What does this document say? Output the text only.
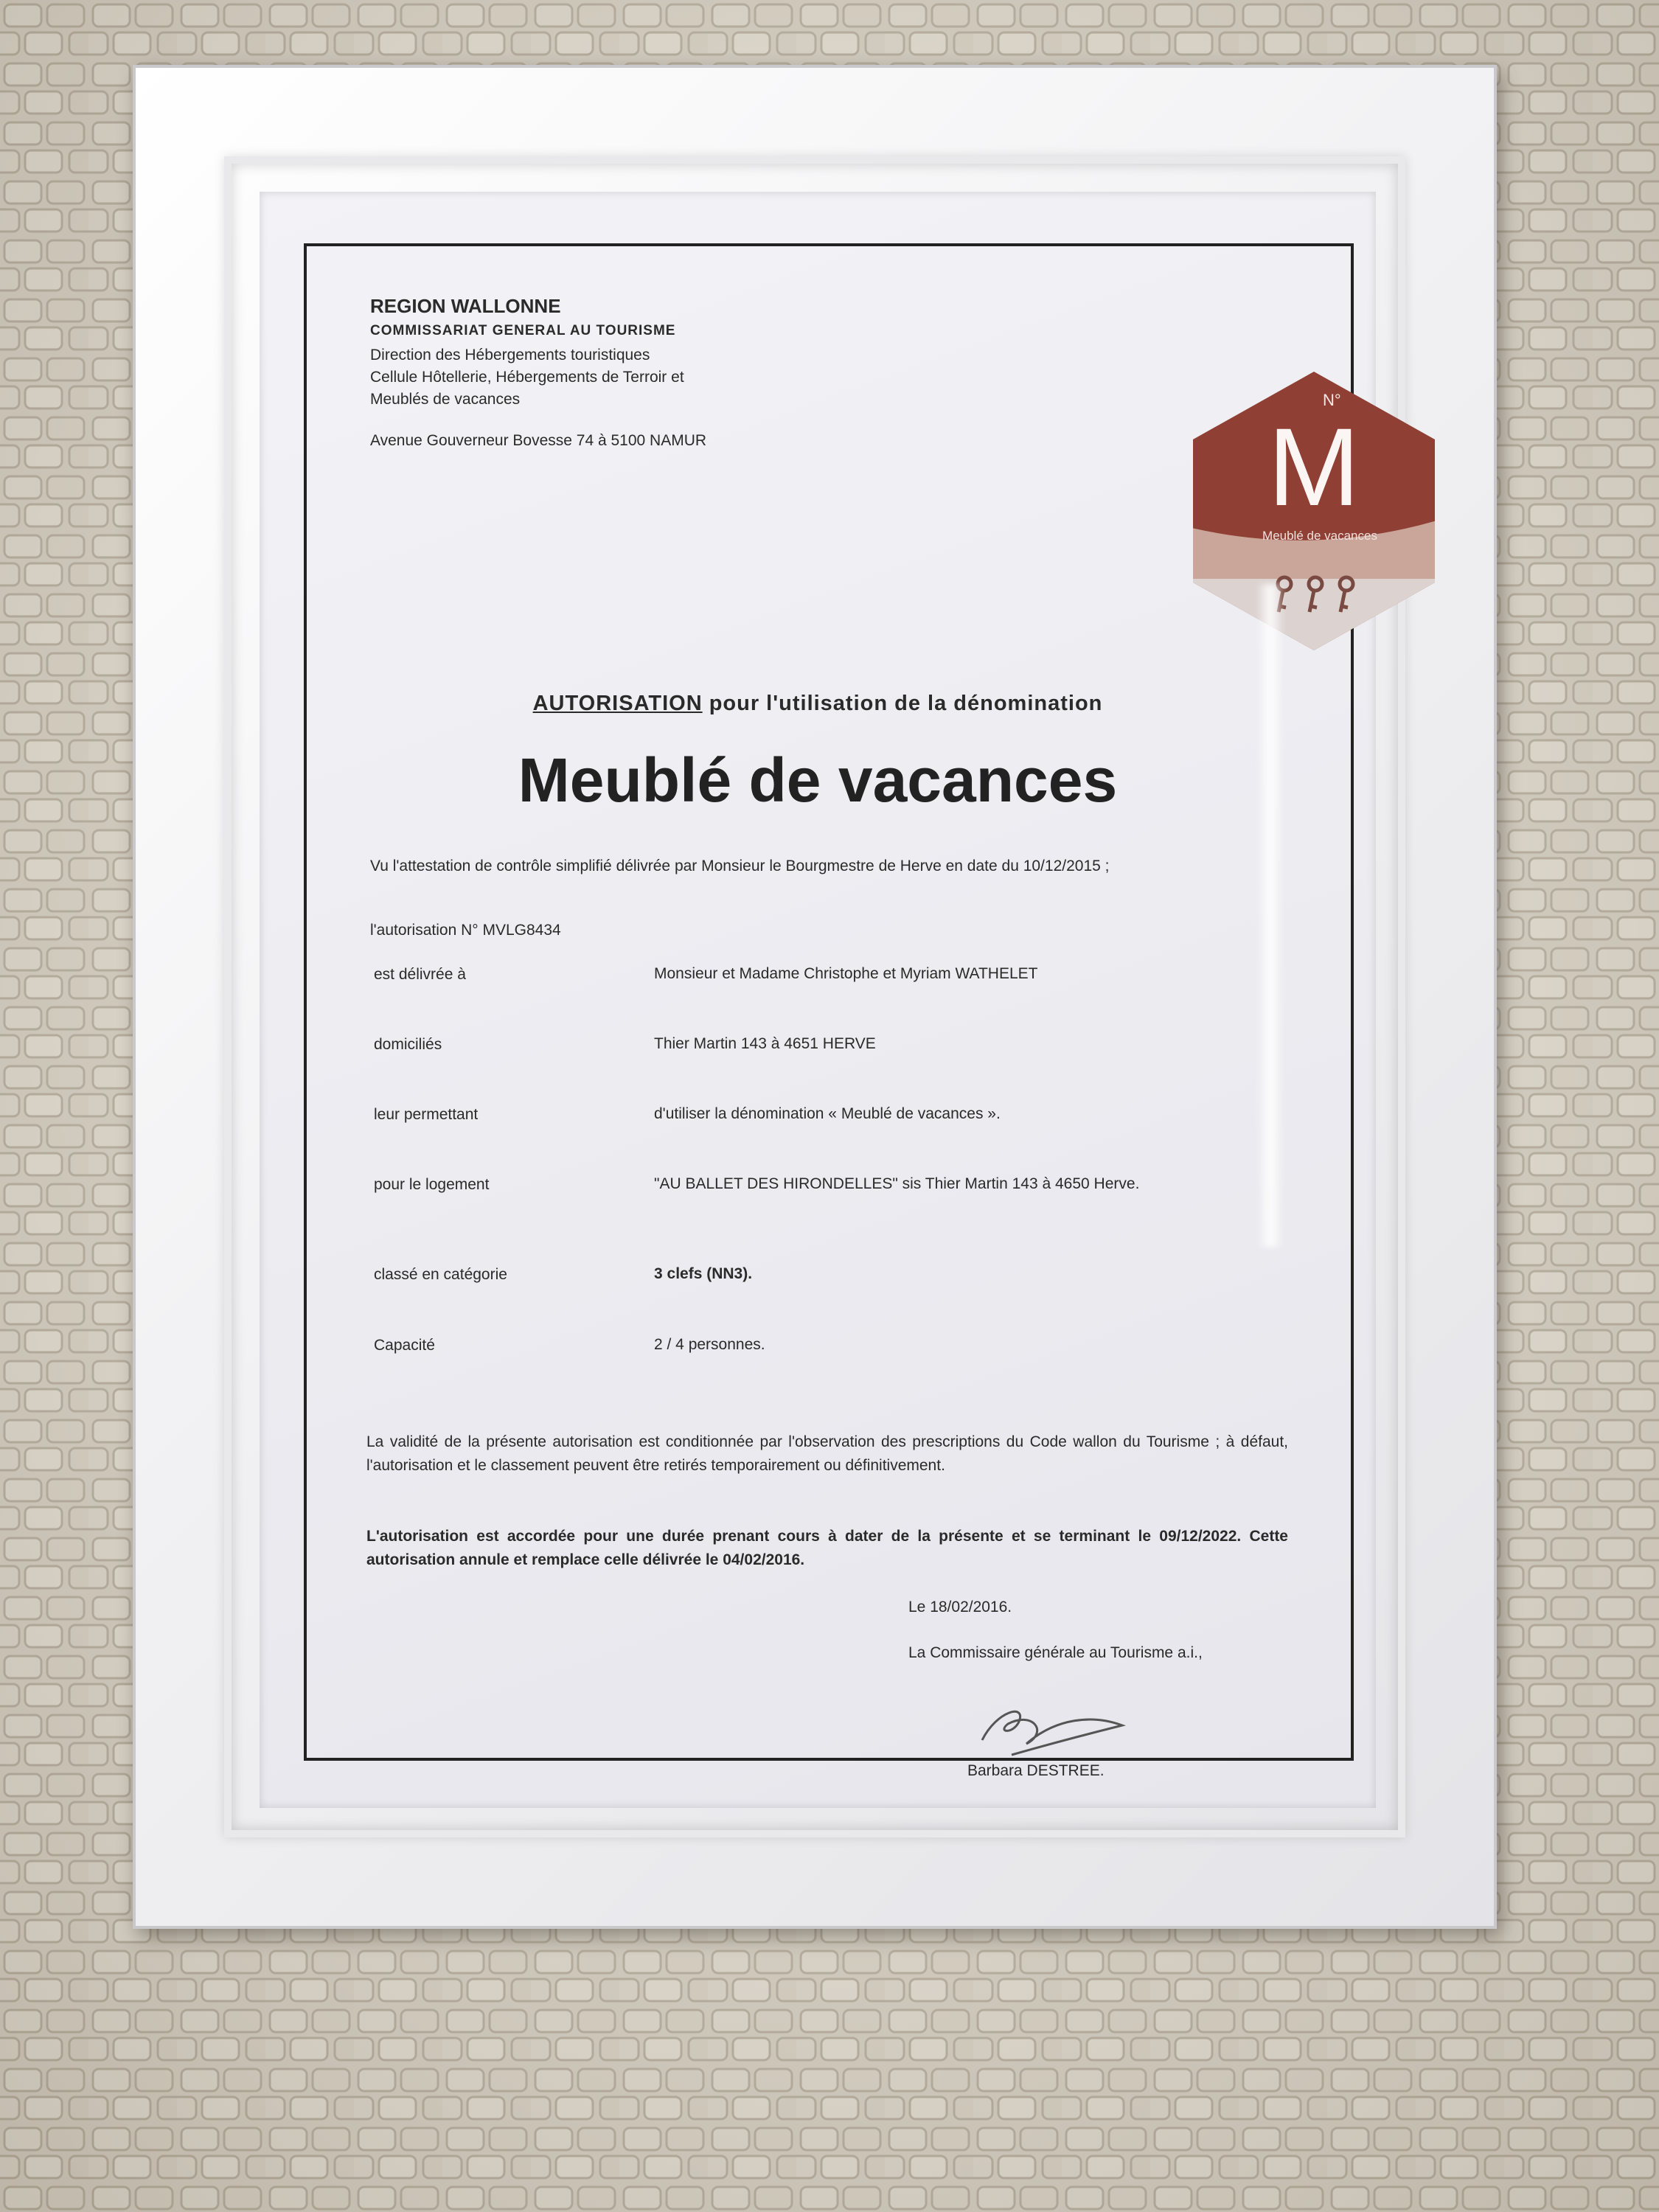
REGION WALLONNE
COMMISSARIAT GENERAL AU TOURISME
Direction des Hébergements touristiques
Cellule Hôtellerie, Hébergements de Terroir et
Meublés de vacances
Avenue Gouverneur Bovesse 74 à 5100 NAMUR
N°
M
Meublé de vacances
AUTORISATION pour l'utilisation de la dénomination
Meublé de vacances
Vu l'attestation de contrôle simplifié délivrée par Monsieur le Bourgmestre de Herve en date du 10/12/2015 ;
l'autorisation N° MVLG8434
est délivrée à	Monsieur et Madame Christophe et Myriam WATHELET
domiciliés	Thier Martin 143 à 4651 HERVE
leur permettant	d'utiliser la dénomination « Meublé de vacances ».
pour le logement	"AU BALLET DES HIRONDELLES" sis Thier Martin 143 à 4650 Herve.
classé en catégorie	3 clefs (NN3).
Capacité	2 / 4 personnes.
La validité de la présente autorisation est conditionnée par l'observation des prescriptions du Code wallon du Tourisme ; à défaut, l'autorisation et le classement peuvent être retirés temporairement ou définitivement.
L'autorisation est accordée pour une durée prenant cours à dater de la présente et se terminant le 09/12/2022. Cette autorisation annule et remplace celle délivrée le 04/02/2016.
Le 18/02/2016.
La Commissaire générale au Tourisme a.i.,
Barbara DESTREE.
